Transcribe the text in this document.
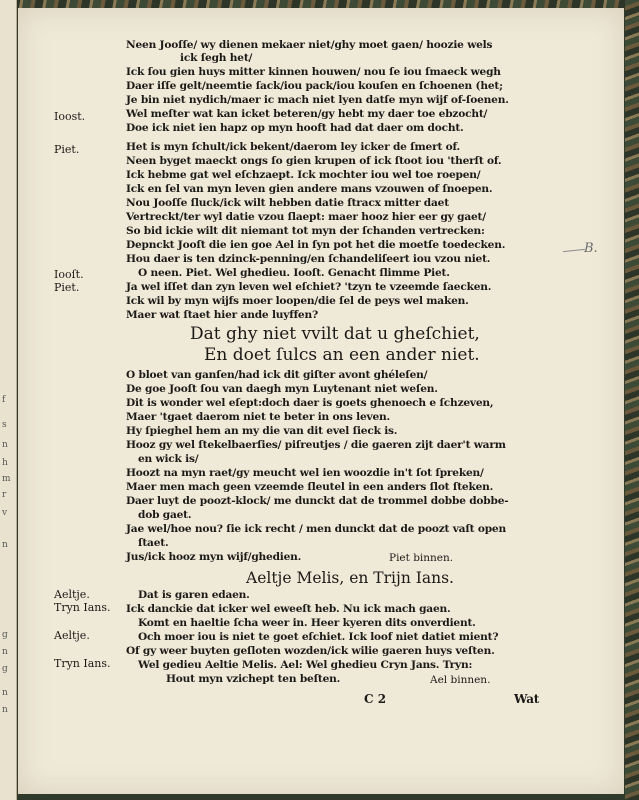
f
s
n
h
m
r
v
n
g
n
g
n
n
Ioost.
Piet.
Iooſt.
Piet.
Aeltje.
Tryn Ians.
Aeltje.
Tryn Ians.
Neen Jooſſe/ wy dienen mekaer niet/ghy moet gaen/ hoozie wels
ick ſegh het/
Ick ſou gien huys mitter kinnen houwen/ nou ſe iou ſmaeck wegh
Daer iſſe gelt/neemtie ſack/iou pack/iou kouſen en ſchoenen (het;
Je bin niet nydich/maer ic mach niet lyen datſe myn wijf of-ſoenen.
Wel meſter wat kan icket beteren/gy hebt my daer toe ebzocht/
Doe ick niet ien hapz op myn hooft had dat daer om docht.
Het is myn ſchult/ick bekent/daerom ley icker de ſmert of.
Neen byget maeckt ongs ſo gien krupen of ick ſtoot iou 'therſt of.
Ick hebme gat wel eſchzaept. Ick mochter iou wel toe roepen/
Ick en ſel van myn leven gien andere mans vzouwen of ſnoepen.
Nou Jooſſe ſluck/ick wilt hebben datie ſtracx mitter daet
Vertreckt/ter wyl datie vzou ſlaept: maer hooz hier eer gy gaet/
So bid ickie wilt dit niemant tot myn der ſchanden vertrecken:
Depnckt Jooſt die ien goe Ael in ſyn pot het die moetſe toedecken.
Hou daer is ten dzinck-penning/en ſchandeliſeert iou vzou niet.
O neen. Piet. Wel ghedieu. Iooſt. Genacht ſlimme Piet.
Ja wel iſſet dan zyn leven wel eſchiet? 'tzyn te vzeemde ſaecken.
Ick wil by myn wijfs moer loopen/die ſel de peys wel maken.
Maer wat ſtaet hier ande luyffen?
Dat ghy niet vvilt dat u gheſchiet,
En doet ſulcs an een ander niet.
O bloet van ganſen/had ick dit giſter avont ghéleſen/
De goe Jooſt ſou van daegh myn Luytenant niet weſen.
Dit is wonder wel eſept:doch daer is goets ghenoech e ſchzeven,
Maer 'tgaet daerom niet te beter in ons leven.
Hy ſpieghel hem an my die van dit evel ſieck is.
Hooz gy wel ſtekelbaerſies/ piſreutjes / die gaeren zijt daer't warm
en wick is/
Hoozt na myn raet/gy meucht wel ien woozdie in't ſot ſpreken/
Maer men mach geen vzeemde ſleutel in een anders ſlot ſteken.
Daer luyt de poozt-klock/ me dunckt dat de trommel dobbe dobbe-
dob gaet.
Jae wel/hoe nou? ſie ick recht / men dunckt dat de poozt vaſt open
ſtaet.
Jus/ick hooz myn wijf/ghedien.	Piet binnen.
Aeltje Melis, en Trijn Ians.
Dat is garen edaen.
Ick danckie dat icker wel eweeſt heb. Nu ick mach gaen.
Komt en haeltie ſcha weer in. Heer kyeren dits onverdient.
Och moer iou is niet te goet eſchiet. Ick loof niet datiet mient?
Of gy weer buyten geſloten wozden/ick wilie gaeren huys veſten.
Wel gedieu Aeltie Melis. Ael: Wel ghedieu Cryn Jans. Tryn:
Hout myn vzichept ten beſten.	Ael binnen.
C 2	Wat
B.
